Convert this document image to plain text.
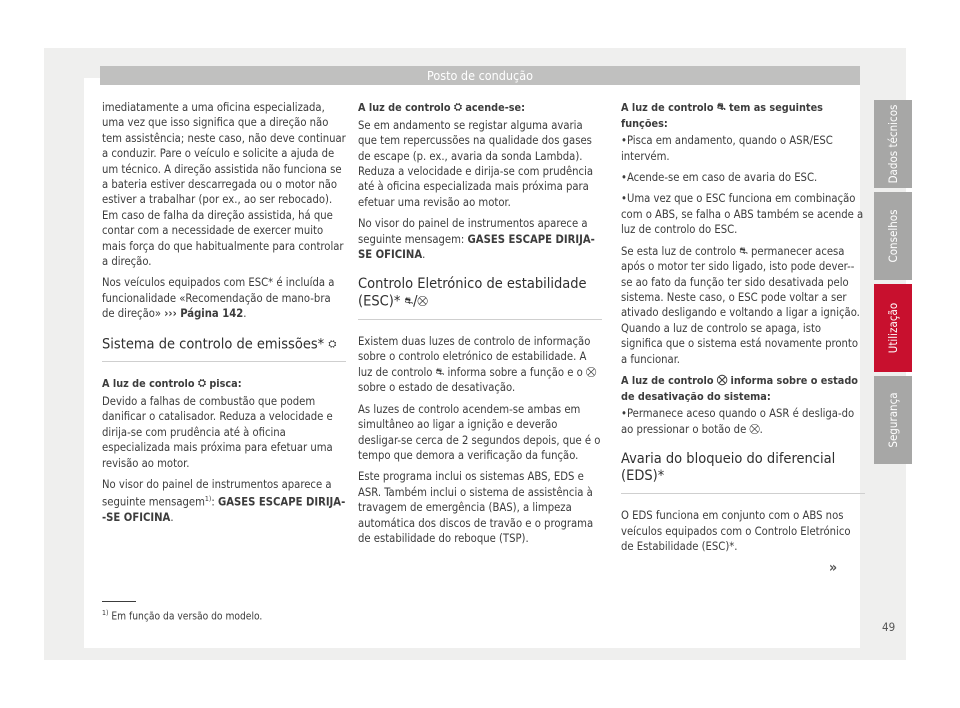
Posto de condução

imediatamente a uma oficina especializada, uma vez que isso significa que a direção não tem assistência; neste caso, não deve continuar a conduzir. Pare o veículo e solicite a ajuda de um técnico. A direção assistida não funciona se a bateria estiver descarregada ou o motor não estiver a trabalhar (por ex., ao ser rebocado). Em caso de falha da direção assistida, há que contar com a necessidade de exercer muito mais força do que habitualmente para controlar a direção.

Nos veículos equipados com ESC* é incluída a funcionalidade «Recomendação de mano-bra de direção» ››› Página 142.

Sistema de controlo de emissões* ⛭

A luz de controlo ⛭ pisca:

Devido a falhas de combustão que podem danificar o catalisador. Reduza a velocidade e dirija-se com prudência até à oficina especializada mais próxima para efetuar uma revisão ao motor.

No visor do painel de instrumentos aparece a seguinte mensagem$^{1)}$: GASES ESCAPE DIRIJA--SE OFICINA.

A luz de controlo ⛭ acende-se:

Se em andamento se registar alguma avaria que tem repercussões na qualidade dos gases de escape (p. ex., avaria da sonda Lambda). Reduza a velocidade e dirija-se com prudência até à oficina especializada mais próxima para efetuar uma revisão ao motor.

No visor do painel de instrumentos aparece a seguinte mensagem: GASES ESCAPE DIRIJA-SE OFICINA.

Controlo Eletrónico de estabilidade (ESC)* ⛐/⛒

Existem duas luzes de controlo de informação sobre o controlo eletrónico de estabilidade. A luz de controlo ⛐ informa sobre a função e o ⛒ sobre o estado de desativação.

As luzes de controlo acendem-se ambas em simultâneo ao ligar a ignição e deverão desligar-se cerca de 2 segundos depois, que é o tempo que demora a verificação da função.

Este programa inclui os sistemas ABS, EDS e ASR. Também inclui o sistema de assistência à travagem de emergência (BAS), a limpeza automática dos discos de travão e o programa de estabilidade do reboque (TSP).

A luz de controlo ⛐ tem as seguintes funções:

•Pisca em andamento, quando o ASR/ESC intervém.

•Acende-se em caso de avaria do ESC.

•Uma vez que o ESC funciona em combinação com o ABS, se falha o ABS também se acende a luz de controlo do ESC.

Se esta luz de controlo ⛐ permanecer acesa após o motor ter sido ligado, isto pode dever--se ao fato da função ter sido desativada pelo sistema. Neste caso, o ESC pode voltar a ser ativado desligando e voltando a ligar a ignição. Quando a luz de controlo se apaga, isto significa que o sistema está novamente pronto a funcionar.

A luz de controlo ⛒ informa sobre o estado de desativação do sistema:

•Permanece aceso quando o ASR é desliga-do ao pressionar o botão de ⛒.

Avaria do bloqueio do diferencial (EDS)*

O EDS funciona em conjunto com o ABS nos veículos equipados com o Controlo Eletrónico de Estabilidade (ESC)*.

»
Dados técnicos
Conselhos
Utilização
Segurança
$^{1)}$ Em função da versão do modelo.
49
